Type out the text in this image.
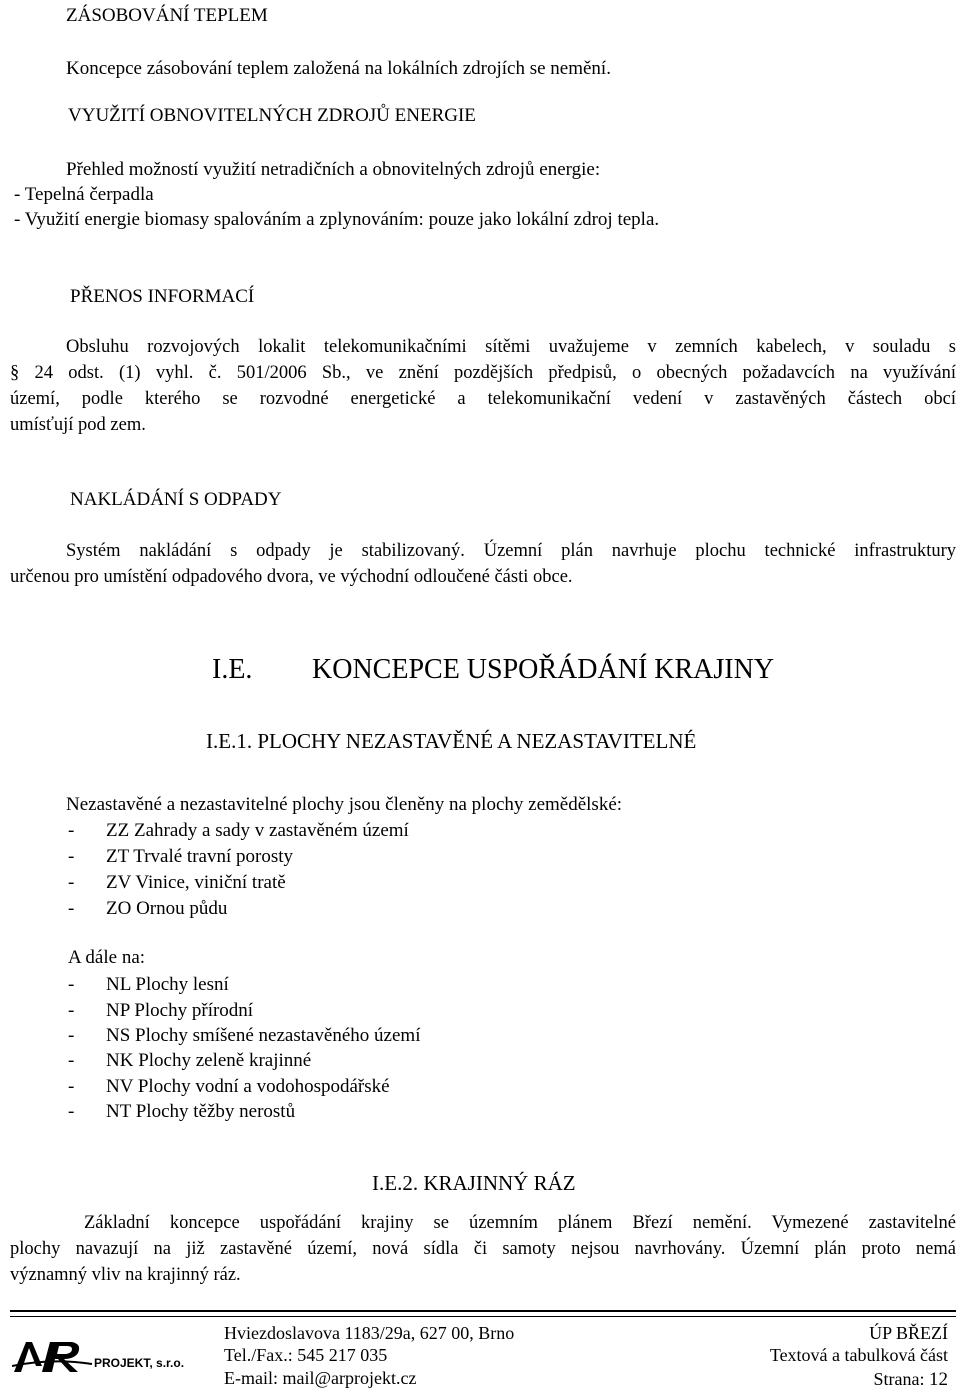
ZÁSOBOVÁNÍ TEPLEM
Koncepce zásobování teplem založená na lokálních zdrojích se nemění.
VYUŽITÍ OBNOVITELNÝCH ZDROJŮ ENERGIE
Přehled možností využití netradičních a obnovitelných zdrojů energie:
- Tepelná čerpadla
- Využití energie biomasy spalováním a zplynováním: pouze jako lokální zdroj tepla.
PŘENOS INFORMACÍ
Obsluhu rozvojových lokalit telekomunikačními sítěmi uvažujeme v zemních kabelech, v souladu s
§ 24 odst. (1) vyhl. č. 501/2006 Sb., ve znění pozdějších předpisů, o obecných požadavcích na využívání
území, podle kterého se rozvodné energetické a telekomunikační vedení v zastavěných částech obcí
umísťují pod zem.
NAKLÁDÁNÍ S ODPADY
Systém nakládání s odpady je stabilizovaný. Územní plán navrhuje plochu technické infrastruktury
určenou pro umístění odpadového dvora, ve východní odloučené části obce.
I.E. KONCEPCE USPOŘÁDÁNÍ KRAJINY
I.E.1. PLOCHY NEZASTAVĚNÉ A NEZASTAVITELNÉ
Nezastavěné a nezastavitelné plochy jsou členěny na plochy zemědělské:
- ZZ Zahrady a sady v zastavěném území
- ZT Trvalé travní porosty
- ZV Vinice, viniční tratě
- ZO Ornou půdu
A dále na:
- NL Plochy lesní
- NP Plochy přírodní
- NS Plochy smíšené nezastavěného území
- NK Plochy zeleně krajinné
- NV Plochy vodní a vodohospodářské
- NT Plochy těžby nerostů
I.E.2. KRAJINNÝ RÁZ
Základní koncepce uspořádání krajiny se územním plánem Březí nemění. Vymezené zastavitelné
plochy navazují na již zastavěné území, nová sídla či samoty nejsou navrhovány. Územní plán proto nemá
významný vliv na krajinný ráz.
PROJEKT, s.r.o.
Hviezdoslavova 1183/29a, 627 00, Brno
Tel./Fax.: 545 217 035
E-mail: mail@arprojekt.cz
ÚP BŘEZÍ
Textová a tabulková část
Strana: 12
